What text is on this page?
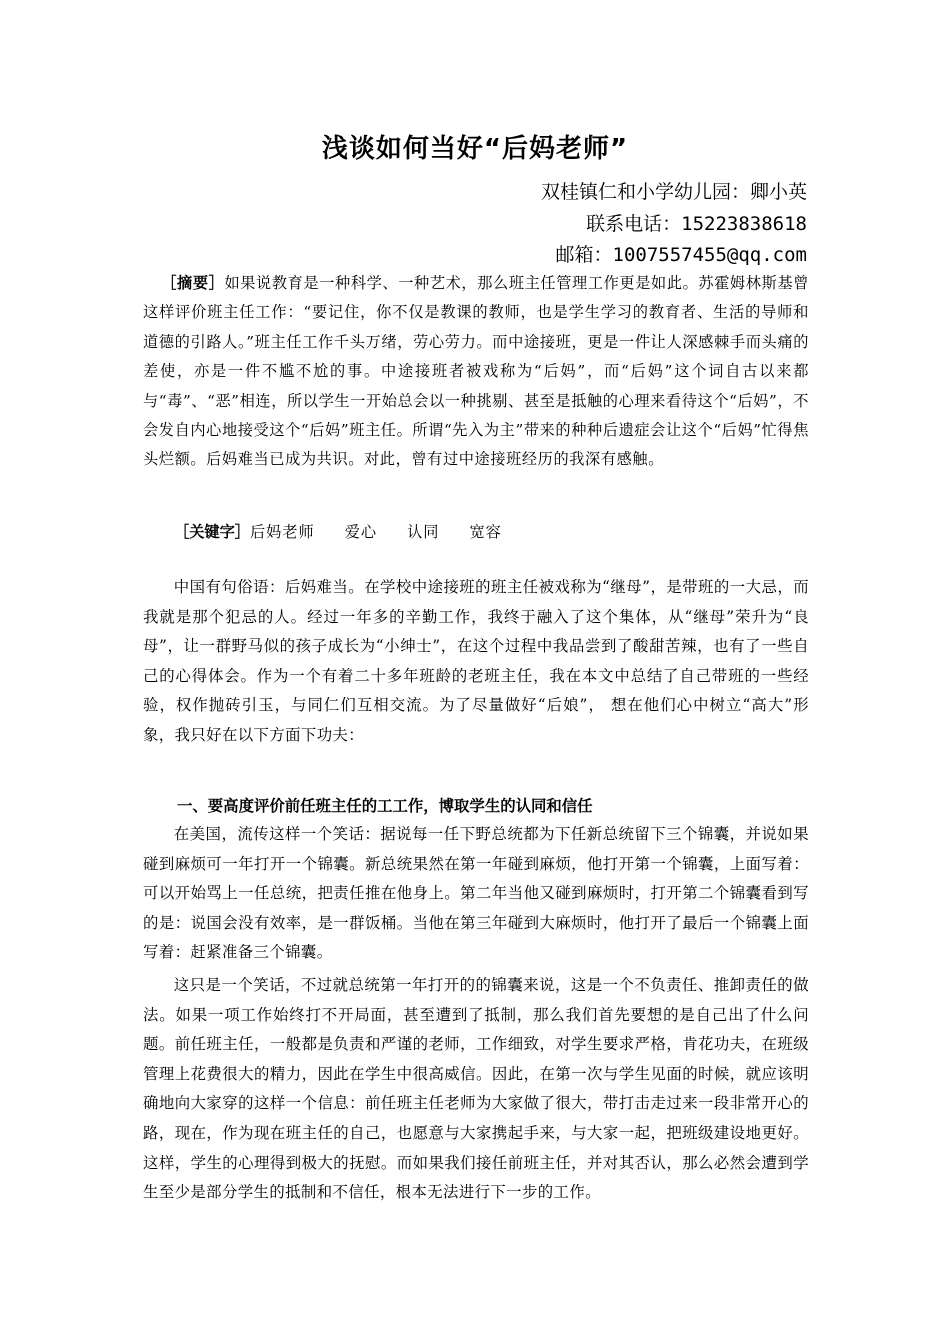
浅谈如何当好“后妈老师”
双桂镇仁和小学幼儿园：卿小英
联系电话：15223838618
邮箱：1007557455@qq.com
［摘要］如果说教育是一种科学、一种艺术，那么班主任管理工作更是如此。苏霍姆林斯基曾这样评价班主任工作：“要记住，你不仅是教课的教师，也是学生学习的教育者、生活的导师和道德的引路人。”班主任工作千头万绪，劳心劳力。而中途接班，更是一件让人深感棘手而头痛的差使，亦是一件不尴不尬的事。中途接班者被戏称为“后妈”，而“后妈”这个词自古以来都与“毒”、“恶”相连，所以学生一开始总会以一种挑剔、甚至是抵触的心理来看待这个“后妈”，不会发自内心地接受这个“后妈”班主任。所谓“先入为主”带来的种种后遗症会让这个“后妈”忙得焦头烂额。后妈难当已成为共识。对此，曾有过中途接班经历的我深有感触。
［关键字］后妈老师 爱心 认同 宽容
中国有句俗语：后妈难当。在学校中途接班的班主任被戏称为“继母”，是带班的一大忌，而我就是那个犯忌的人。经过一年多的辛勤工作，我终于融入了这个集体，从“继母”荣升为“良母”，让一群野马似的孩子成长为“小绅士”，在这个过程中我品尝到了酸甜苦辣，也有了一些自己的心得体会。作为一个有着二十多年班龄的老班主任，我在本文中总结了自己带班的一些经验，权作抛砖引玉，与同仁们互相交流。为了尽量做好“后娘”， 想在他们心中树立“高大”形象，我只好在以下方面下功夫：
一、要高度评价前任班主任的工工作，博取学生的认同和信任
在美国，流传这样一个笑话：据说每一任下野总统都为下任新总统留下三个锦囊，并说如果碰到麻烦可一年打开一个锦囊。新总统果然在第一年碰到麻烦，他打开第一个锦囊，上面写着：可以开始骂上一任总统，把责任推在他身上。第二年当他又碰到麻烦时，打开第二个锦囊看到写的是：说国会没有效率，是一群饭桶。当他在第三年碰到大麻烦时，他打开了最后一个锦囊上面写着：赶紧准备三个锦囊。
这只是一个笑话，不过就总统第一年打开的的锦囊来说，这是一个不负责任、推卸责任的做法。如果一项工作始终打不开局面，甚至遭到了抵制，那么我们首先要想的是自己出了什么问题。前任班主任，一般都是负责和严谨的老师，工作细致，对学生要求严格，肯花功夫，在班级管理上花费很大的精力，因此在学生中很高威信。因此，在第一次与学生见面的时候，就应该明确地向大家穿的这样一个信息：前任班主任老师为大家做了很大，带打击走过来一段非常开心的路，现在，作为现在班主任的自己，也愿意与大家携起手来，与大家一起，把班级建设地更好。这样，学生的心理得到极大的抚慰。而如果我们接任前班主任，并对其否认，那么必然会遭到学生至少是部分学生的抵制和不信任，根本无法进行下一步的工作。
